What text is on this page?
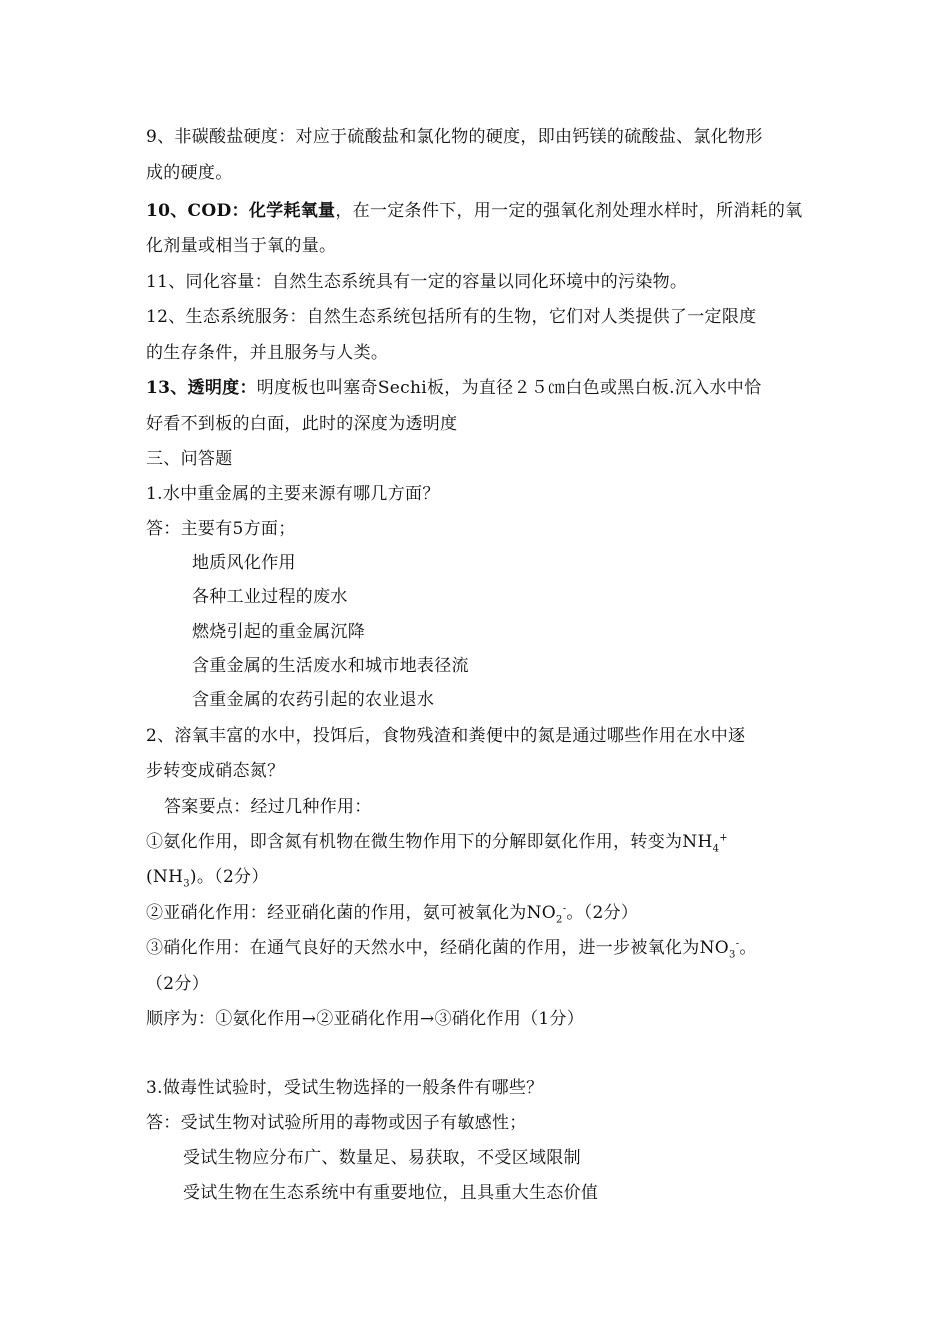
9、非碳酸盐硬度：对应于硫酸盐和氯化物的硬度，即由钙镁的硫酸盐、氯化物形
成的硬度。
10、COD：化学耗氧量，在一定条件下，用一定的强氧化剂处理水样时，所消耗的氧
化剂量或相当于氧的量。
11、同化容量：自然生态系统具有一定的容量以同化环境中的污染物。
12、生态系统服务：自然生态系统包括所有的生物，它们对人类提供了一定限度
的生存条件，并且服务与人类。
13、透明度：明度板也叫塞奇Sechi板，为直径２５㎝白色或黑白板.沉入水中恰
好看不到板的白面，此时的深度为透明度
三、问答题
1.水中重金属的主要来源有哪几方面？
答：主要有5方面；
地质风化作用
各种工业过程的废水
燃烧引起的重金属沉降
含重金属的生活废水和城市地表径流
含重金属的农药引起的农业退水
2、溶氧丰富的水中，投饵后，食物残渣和粪便中的氮是通过哪些作用在水中逐
步转变成硝态氮？
答案要点：经过几种作用：
①氨化作用，即含氮有机物在微生物作用下的分解即氨化作用，转变为$NH_4^+$
$(NH_3)$。（2分）
②亚硝化作用：经亚硝化菌的作用，氨可被氧化为$NO_2^-$。（2分）
③硝化作用：在通气良好的天然水中，经硝化菌的作用，进一步被氧化为$NO_3^-$。
（2分）
顺序为：①氨化作用→②亚硝化作用→③硝化作用（1分）
3.做毒性试验时，受试生物选择的一般条件有哪些？
答：受试生物对试验所用的毒物或因子有敏感性；
受试生物应分布广、数量足、易获取，不受区域限制
受试生物在生态系统中有重要地位，且具重大生态价值
